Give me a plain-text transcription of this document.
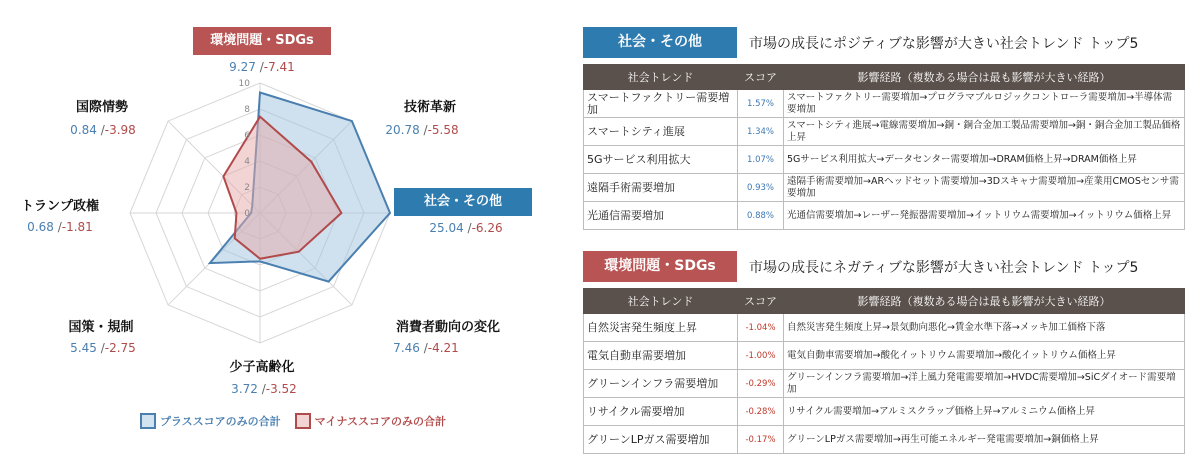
0
2
4
6
8
10
環境問題・SDGs
社会・その他
技術革新
消費者動向の変化
少子高齢化
国策・規制
トランプ政権
国際情勢
9.27 /-7.41
20.78 /-5.58
25.04 /-6.26
7.46 /-4.21
3.72 /-3.52
5.45 /-2.75
0.68 /-1.81
0.84 /-3.98
プラススコアのみの合計	マイナススコアのみの合計
社会・その他	市場の成長にポジティブな影響が大きい社会トレンド トップ5
社会トレンド	スコア	影響経路（複数ある場合は最も影響が大きい経路）
スマートファクトリー需要増加	1.57%	スマートファクトリー需要増加→プログラマブルロジックコントローラ需要増加→半導体需要増加
スマートシティ進展	1.34%	スマートシティ進展→電線需要増加→銅・銅合金加工製品需要増加→銅・銅合金加工製品価格上昇
5Gサービス利用拡大	1.07%	5Gサービス利用拡大→データセンター需要増加→DRAM価格上昇→DRAM価格上昇
遠隔手術需要増加	0.93%	遠隔手術需要増加→ARヘッドセット需要増加→3Dスキャナ需要増加→産業用CMOSセンサ需要増加
光通信需要増加	0.88%	光通信需要増加→レーザー発振器需要増加→イットリウム需要増加→イットリウム価格上昇
環境問題・SDGs	市場の成長にネガティブな影響が大きい社会トレンド トップ5
社会トレンド	スコア	影響経路（複数ある場合は最も影響が大きい経路）
自然災害発生頻度上昇	-1.04%	自然災害発生頻度上昇→景気動向悪化→賃金水準下落→メッキ加工価格下落
電気自動車需要増加	-1.00%	電気自動車需要増加→酸化イットリウム需要増加→酸化イットリウム価格上昇
グリーンインフラ需要増加	-0.29%	グリーンインフラ需要増加→洋上風力発電需要増加→HVDC需要増加→SiCダイオード需要増加
リサイクル需要増加	-0.28%	リサイクル需要増加→アルミスクラップ価格上昇→アルミニウム価格上昇
グリーンLPガス需要増加	-0.17%	グリーンLPガス需要増加→再生可能エネルギー発電需要増加→銅価格上昇
